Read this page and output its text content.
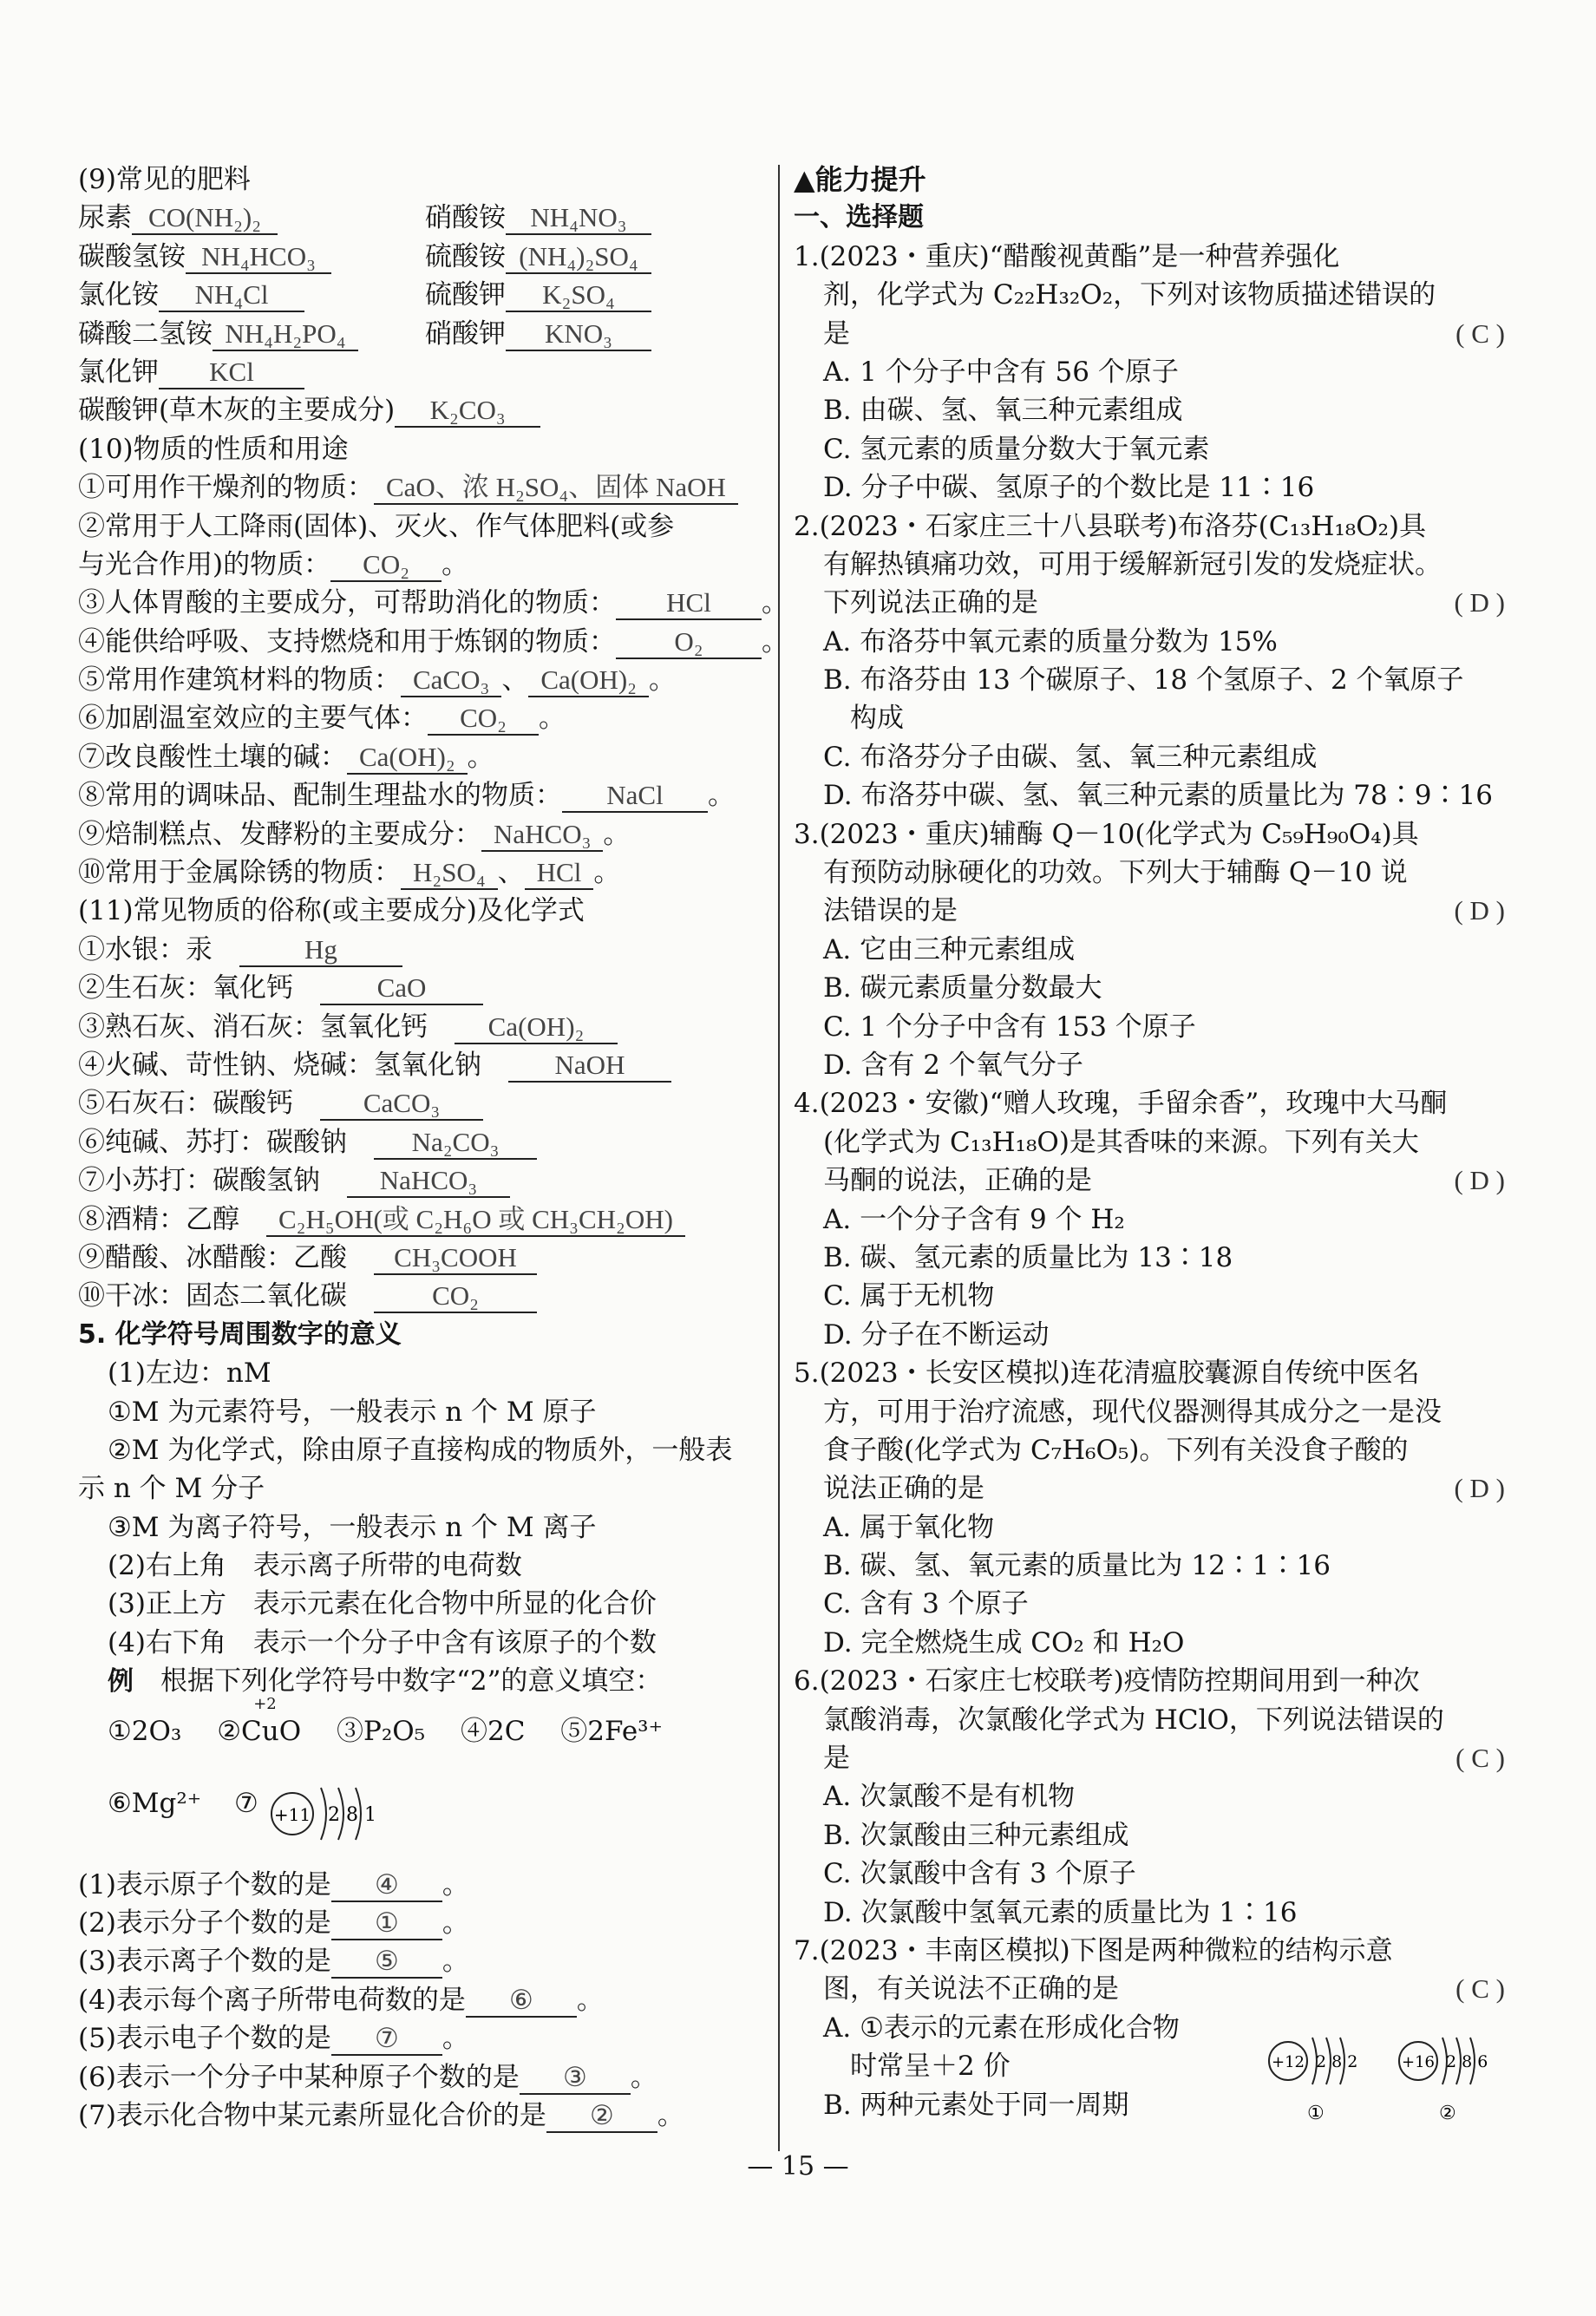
(9)常见的肥料
尿素 CO(NH₂)₂	硝酸铵 NH₄NO₃
碳酸氢铵 NH₄HCO₃	硫酸铵 (NH₄)₂SO₄
氯化铵 NH₄Cl	硫酸钾 K₂SO₄
磷酸二氢铵 NH₄H₂PO₄	硝酸钾 KNO₃
氯化钾 KCl
碳酸钾(草木灰的主要成分) K₂CO₃
(10)物质的性质和用途
①可用作干燥剂的物质： CaO、浓 H₂SO₄、固体 NaOH
②常用于人工降雨(固体)、灭火、作气体肥料(或参
与光合作用)的物质： CO₂ 。
③人体胃酸的主要成分，可帮助消化的物质： HCl 。
④能供给呼吸、支持燃烧和用于炼钢的物质： O₂ 。
⑤常用作建筑材料的物质： CaCO₃ 、 Ca(OH)₂ 。
⑥加剧温室效应的主要气体： CO₂ 。
⑦改良酸性土壤的碱： Ca(OH)₂ 。
⑧常用的调味品、配制生理盐水的物质： NaCl 。
⑨焙制糕点、发酵粉的主要成分： NaHCO₃ 。
⑩常用于金属除锈的物质： H₂SO₄ 、 HCl 。
(11)常见物质的俗称(或主要成分)及化学式
①水银：汞　	Hg
②生石灰：氧化钙　	CaO
③熟石灰、消石灰：氢氧化钙　 Ca(OH)₂
④火碱、苛性钠、烧碱：氢氧化钠　	NaOH
⑤石灰石：碳酸钙　	CaCO₃
⑥纯碱、苏打：碳酸钠　 Na₂CO₃
⑦小苏打：碳酸氢钠　 NaHCO₃
⑧酒精：乙醇　 C₂H₅OH(或 C₂H₆O 或 CH₃CH₂OH)
⑨醋酸、冰醋酸：乙酸　 CH₃COOH
⑩干冰：固态二氧化碳　	CO₂
5. 化学符号周围数字的意义
(1)左边：nM
①M 为元素符号，一般表示 n 个 M 原子
②M 为化学式，除由原子直接构成的物质外，一般表
示 n 个 M 分子
③M 为离子符号，一般表示 n 个 M 离子
(2)右上角　表示离子所带的电荷数
(3)正上方　表示元素在化合物中所显的化合价
(4)右下角　表示一个分子中含有该原子的个数
例　 根据下列化学符号中数字“2”的意义填空：
①2O₃　 ②CuO
+2
　 ③P₂O₅　 ④2C　 ⑤2Fe³⁺
⑥Mg²⁺ ⑦ +11 2 8 1
(1)表示原子个数的是 ④ 。
(2)表示分子个数的是 ① 。
(3)表示离子个数的是 ⑤ 。
(4)表示每个离子所带电荷数的是 ⑥ 。
(5)表示电子个数的是 ⑦ 。
(6)表示一个分子中某种原子个数的是 ③ 。
(7)表示化合物中某元素所显化合价的是 ② 。
▲能力提升
一、选择题
1.(2023・重庆)“醋酸视黄酯”是一种营养强化
剂，化学式为 C₂₂H₃₂O₂，下列对该物质描述错误的
是	( C )
A. 1 个分子中含有 56 个原子
B. 由碳、氢、氧三种元素组成
C. 氢元素的质量分数大于氧元素
D. 分子中碳、氢原子的个数比是 11∶16
2.(2023・石家庄三十八县联考)布洛芬(C₁₃H₁₈O₂)具
有解热镇痛功效，可用于缓解新冠引发的发烧症状。
下列说法正确的是	( D )
A. 布洛芬中氧元素的质量分数为 15%
B. 布洛芬由 13 个碳原子、18 个氢原子、2 个氧原子
　构成
C. 布洛芬分子由碳、氢、氧三种元素组成
D. 布洛芬中碳、氢、氧三种元素的质量比为 78∶9∶16
3.(2023・重庆)辅酶 Q－10(化学式为 C₅₉H₉₀O₄)具
有预防动脉硬化的功效。下列大于辅酶 Q－10 说
法错误的是	( D )
A. 它由三种元素组成
B. 碳元素质量分数最大
C. 1 个分子中含有 153 个原子
D. 含有 2 个氧气分子
4.(2023・安徽)“赠人玫瑰，手留余香”，玫瑰中大马酮
(化学式为 C₁₃H₁₈O)是其香味的来源。下列有关大
马酮的说法，正确的是	( D )
A. 一个分子含有 9 个 H₂
B. 碳、氢元素的质量比为 13∶18
C. 属于无机物
D. 分子在不断运动
5.(2023・长安区模拟)连花清瘟胶囊源自传统中医名
方，可用于治疗流感，现代仪器测得其成分之一是没
食子酸(化学式为 C₇H₆O₅)。下列有关没食子酸的
说法正确的是	( D )
A. 属于氧化物
B. 碳、氢、氧元素的质量比为 12∶1∶16
C. 含有 3 个原子
D. 完全燃烧生成 CO₂ 和 H₂O
6.(2023・石家庄七校联考)疫情防控期间用到一种次
氯酸消毒，次氯酸化学式为 HClO，下列说法错误的
是	( C )
A. 次氯酸不是有机物
B. 次氯酸由三种元素组成
C. 次氯酸中含有 3 个原子
D. 次氯酸中氢氧元素的质量比为 1∶16
7.(2023・丰南区模拟)下图是两种微粒的结构示意
图，有关说法不正确的是	( C )
A. ①表示的元素在形成化合物
　时常呈＋2 价
B. 两种元素处于同一周期
+12 2 8 2
①
+16 2 8 6
②
— 15 —
